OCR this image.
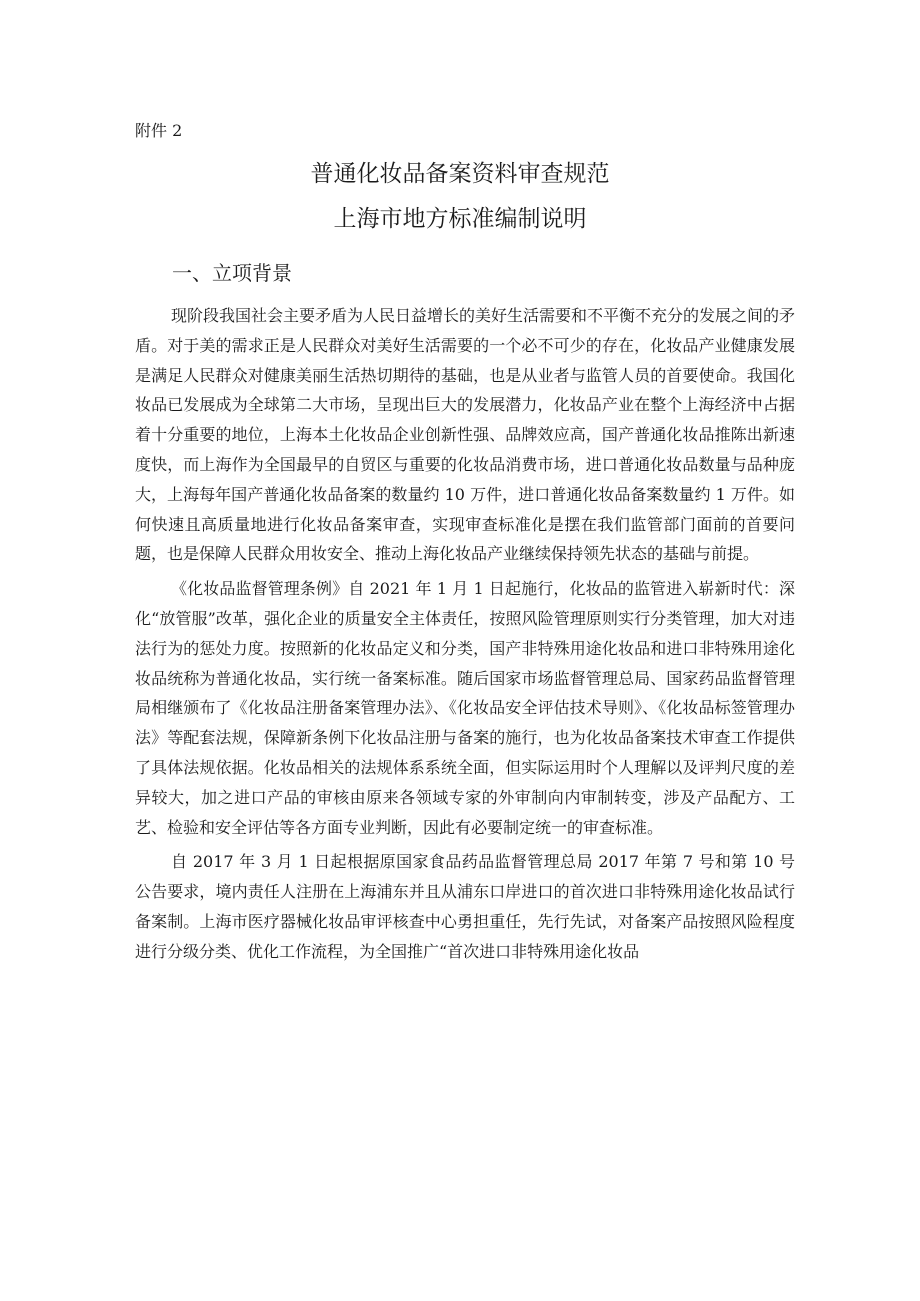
附件 2

普通化妆品备案资料审查规范
上海市地方标准编制说明
一、立项背景

现阶段我国社会主要矛盾为人民日益增长的美好生活需要和不平衡不充分的发展之间的矛盾。对于美的需求正是人民群众对美好生活需要的一个必不可少的存在，化妆品产业健康发展是满足人民群众对健康美丽生活热切期待的基础，也是从业者与监管人员的首要使命。我国化妆品已发展成为全球第二大市场，呈现出巨大的发展潜力，化妆品产业在整个上海经济中占据着十分重要的地位，上海本土化妆品企业创新性强、品牌效应高，国产普通化妆品推陈出新速度快，而上海作为全国最早的自贸区与重要的化妆品消费市场，进口普通化妆品数量与品种庞大，上海每年国产普通化妆品备案的数量约 10 万件，进口普通化妆品备案数量约 1 万件。如何快速且高质量地进行化妆品备案审查，实现审查标准化是摆在我们监管部门面前的首要问题，也是保障人民群众用妆安全、推动上海化妆品产业继续保持领先状态的基础与前提。

《化妆品监督管理条例》自 2021 年 1 月 1 日起施行，化妆品的监管进入崭新时代：深化“放管服”改革，强化企业的质量安全主体责任，按照风险管理原则实行分类管理，加大对违法行为的惩处力度。按照新的化妆品定义和分类，国产非特殊用途化妆品和进口非特殊用途化妆品统称为普通化妆品，实行统一备案标准。随后国家市场监督管理总局、国家药品监督管理局相继颁布了《化妆品注册备案管理办法》、《化妆品安全评估技术导则》、《化妆品标签管理办法》等配套法规，保障新条例下化妆品注册与备案的施行，也为化妆品备案技术审查工作提供了具体法规依据。化妆品相关的法规体系系统全面，但实际运用时个人理解以及评判尺度的差异较大，加之进口产品的审核由原来各领域专家的外审制向内审制转变，涉及产品配方、工艺、检验和安全评估等各方面专业判断，因此有必要制定统一的审查标准。

自 2017 年 3 月 1 日起根据原国家食品药品监督管理总局 2017 年第 7 号和第 10 号公告要求，境内责任人注册在上海浦东并且从浦东口岸进口的首次进口非特殊用途化妆品试行备案制。上海市医疗器械化妆品审评核查中心勇担重任，先行先试，对备案产品按照风险程度进行分级分类、优化工作流程，为全国推广“首次进口非特殊用途化妆品
